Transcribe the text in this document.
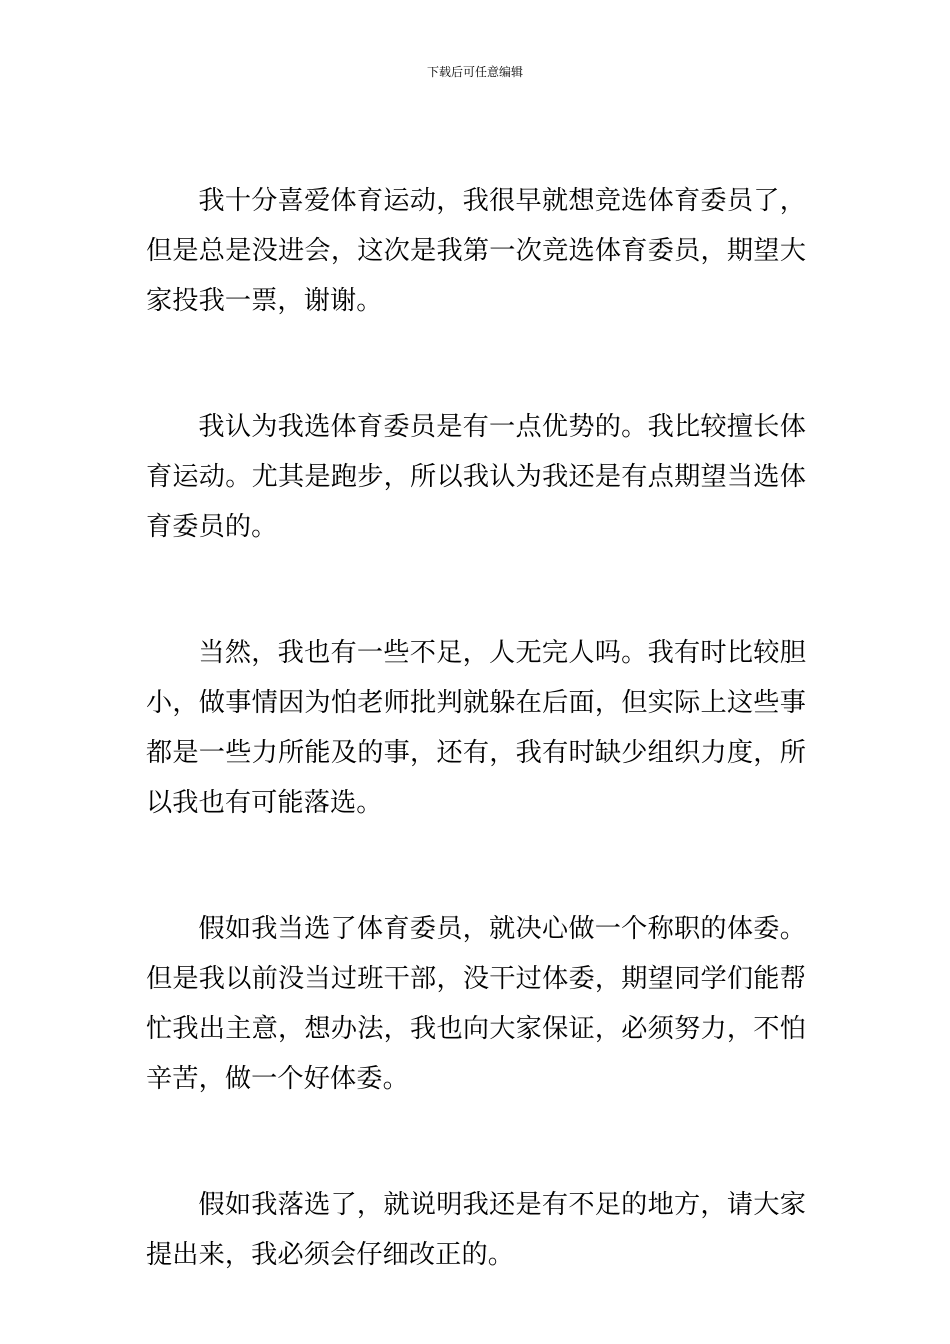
下载后可任意编辑

我十分喜爱体育运动，我很早就想竞选体育委员了，但是总是没进会，这次是我第一次竞选体育委员，期望大家投我一票，谢谢。

我认为我选体育委员是有一点优势的。我比较擅长体育运动。尤其是跑步，所以我认为我还是有点期望当选体育委员的。

当然，我也有一些不足，人无完人吗。我有时比较胆小，做事情因为怕老师批判就躲在后面，但实际上这些事都是一些力所能及的事，还有，我有时缺少组织力度，所以我也有可能落选。

假如我当选了体育委员，就决心做一个称职的体委。但是我以前没当过班干部，没干过体委，期望同学们能帮忙我出主意，想办法，我也向大家保证，必须努力，不怕辛苦，做一个好体委。

假如我落选了，就说明我还是有不足的地方，请大家提出来，我必须会仔细改正的。
